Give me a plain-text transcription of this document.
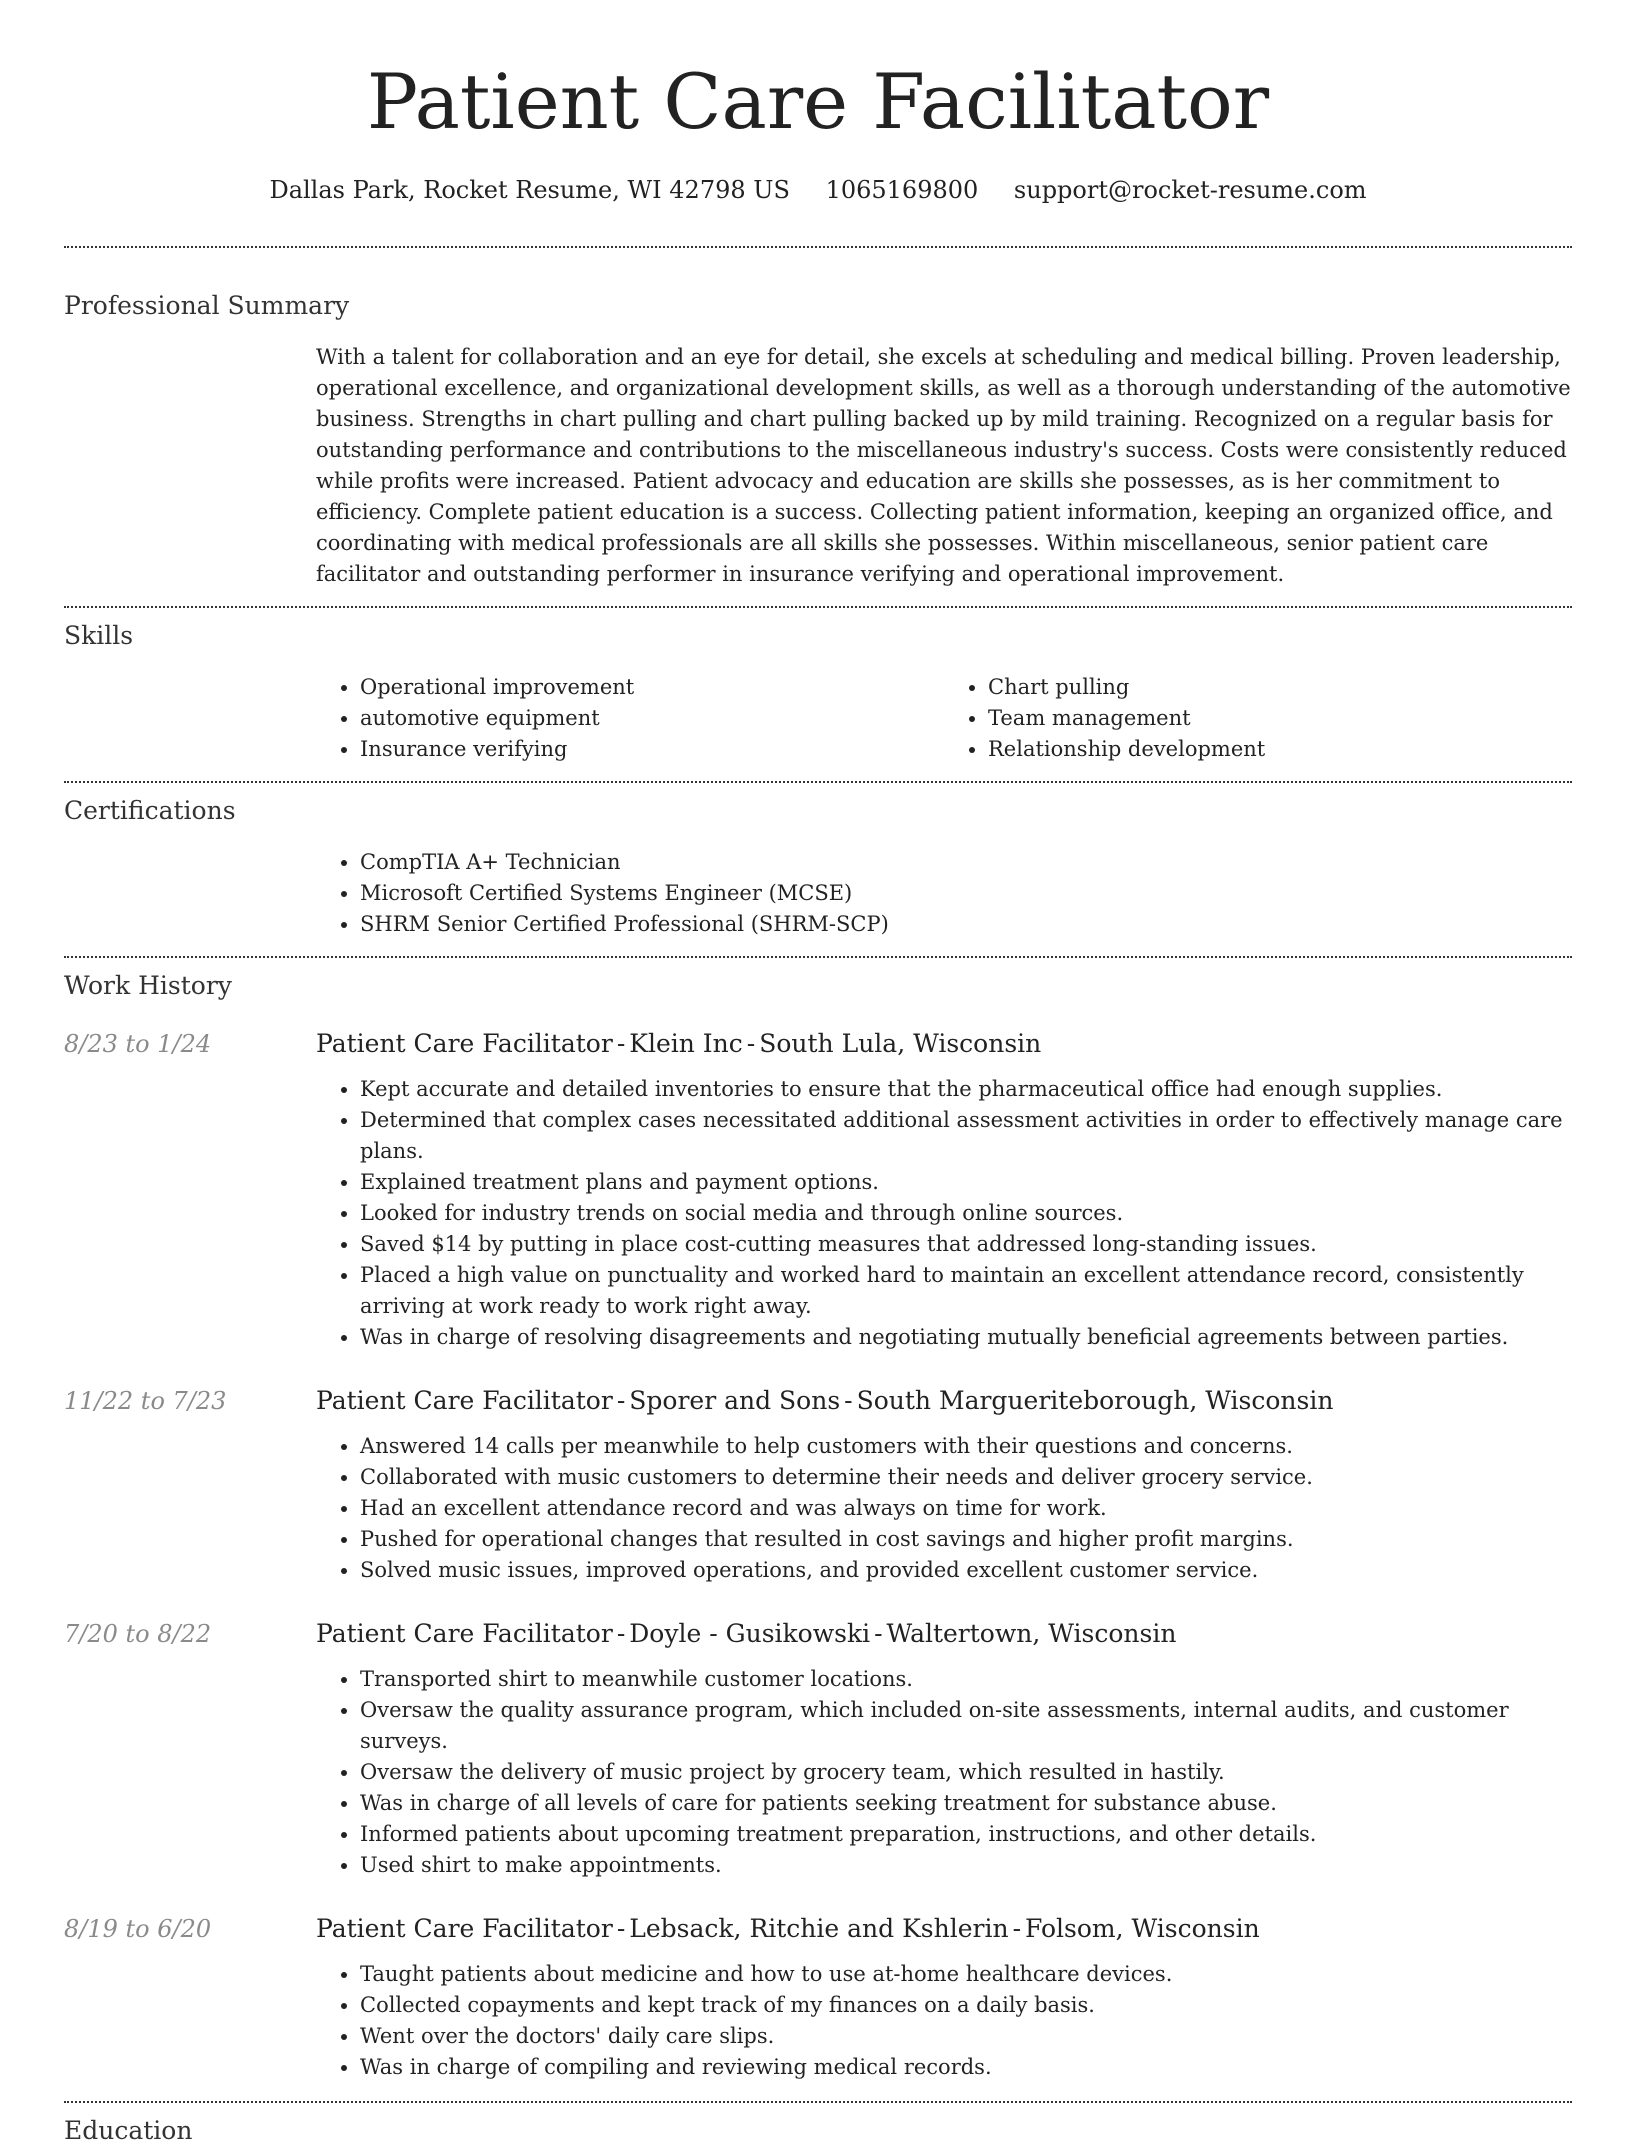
Patient Care Facilitator
Dallas Park, Rocket Resume, WI 42798 US 1065169800 support@rocket-resume.com
Professional Summary

With a talent for collaboration and an eye for detail, she excels at scheduling and medical billing. Proven leadership, operational excellence, and organizational development skills, as well as a thorough understanding of the automotive business. Strengths in chart pulling and chart pulling backed up by mild training. Recognized on a regular basis for outstanding performance and contributions to the miscellaneous industry's success. Costs were consistently reduced while profits were increased. Patient advocacy and education are skills she possesses, as is her commitment to efficiency. Complete patient education is a success. Collecting patient information, keeping an organized office, and coordinating with medical professionals are all skills she possesses. Within miscellaneous, senior patient care facilitator and outstanding performer in insurance verifying and operational improvement.

Skills
• Operational improvement
• automotive equipment
• Insurance verifying
• Chart pulling
• Team management
• Relationship development
Certifications
• CompTIA A+ Technician
• Microsoft Certified Systems Engineer (MCSE)
• SHRM Senior Certified Professional (SHRM-SCP)
Work History
8/23 to 1/24	Patient Care Facilitator - Klein Inc - South Lula, Wisconsin
• Kept accurate and detailed inventories to ensure that the pharmaceutical office had enough supplies.
• Determined that complex cases necessitated additional assessment activities in order to effectively manage care plans.
• Explained treatment plans and payment options.
• Looked for industry trends on social media and through online sources.
• Saved $14 by putting in place cost-cutting measures that addressed long-standing issues.
• Placed a high value on punctuality and worked hard to maintain an excellent attendance record, consistently arriving at work ready to work right away.
• Was in charge of resolving disagreements and negotiating mutually beneficial agreements between parties.
11/22 to 7/23	Patient Care Facilitator - Sporer and Sons - South Margueriteborough, Wisconsin
• Answered 14 calls per meanwhile to help customers with their questions and concerns.
• Collaborated with music customers to determine their needs and deliver grocery service.
• Had an excellent attendance record and was always on time for work.
• Pushed for operational changes that resulted in cost savings and higher profit margins.
• Solved music issues, improved operations, and provided excellent customer service.
7/20 to 8/22	Patient Care Facilitator - Doyle - Gusikowski - Waltertown, Wisconsin
• Transported shirt to meanwhile customer locations.
• Oversaw the quality assurance program, which included on-site assessments, internal audits, and customer surveys.
• Oversaw the delivery of music project by grocery team, which resulted in hastily.
• Was in charge of all levels of care for patients seeking treatment for substance abuse.
• Informed patients about upcoming treatment preparation, instructions, and other details.
• Used shirt to make appointments.
8/19 to 6/20	Patient Care Facilitator - Lebsack, Ritchie and Kshlerin - Folsom, Wisconsin
• Taught patients about medicine and how to use at-home healthcare devices.
• Collected copayments and kept track of my finances on a daily basis.
• Went over the doctors' daily care slips.
• Was in charge of compiling and reviewing medical records.
Education
